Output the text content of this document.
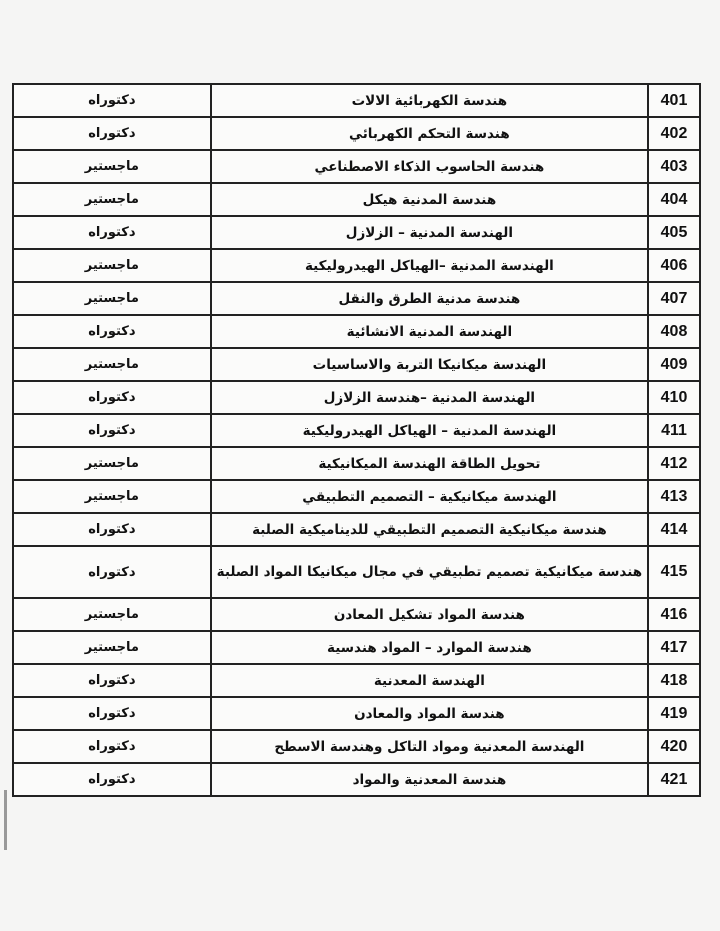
دكتوراه	هندسة الكهربائية الالات	401
دكتوراه	هندسة التحكم الكهربائي	402
ماجستير	هندسة الحاسوب الذكاء الاصطناعي	403
ماجستير	هندسة المدنية هيكل	404
دكتوراه	الهندسة المدنية – الزلازل	405
ماجستير	الهندسة المدنية –الهياكل الهيدروليكية	406
ماجستير	هندسة مدنية الطرق والنقل	407
دكتوراه	الهندسة المدنية الانشائية	408
ماجستير	الهندسة ميكانيكا التربة والاساسيات	409
دكتوراه	الهندسة المدنية –هندسة الزلازل	410
دكتوراه	الهندسة المدنية – الهياكل الهيدروليكية	411
ماجستير	تحويل الطاقة الهندسة الميكانيكية	412
ماجستير	الهندسة ميكانيكية – التصميم التطبيقي	413
دكتوراه	هندسة ميكانيكية التصميم التطبيقي للديناميكية الصلبة	414
دكتوراه	هندسة ميكانيكية تصميم تطبيقي في مجال ميكانيكا المواد الصلبة	415
ماجستير	هندسة المواد تشكيل المعادن	416
ماجستير	هندسة الموارد – المواد هندسية	417
دكتوراه	الهندسة المعدنية	418
دكتوراه	هندسة المواد والمعادن	419
دكتوراه	الهندسة المعدنية ومواد التاكل وهندسة الاسطح	420
دكتوراه	هندسة المعدنية والمواد	421
